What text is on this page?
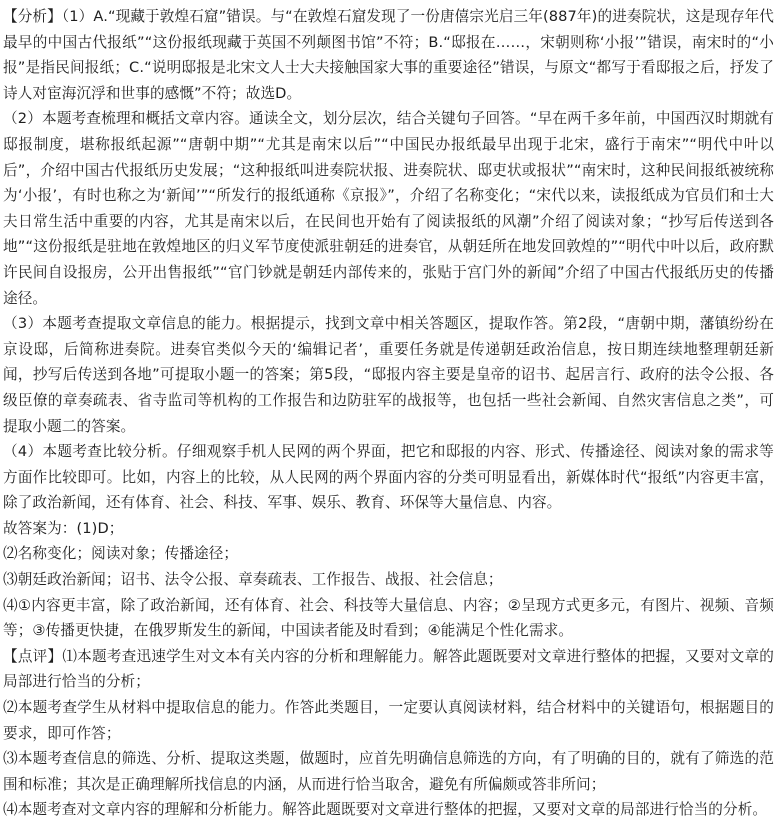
【分析】（1）A.“现藏于敦煌石窟”错误。与“在敦煌石窟发现了一份唐僖宗光启三年(887年)的进奏院状，这是现存年代最早的中国古代报纸”“这份报纸现藏于英国不列颠图书馆”不符；B.“邸报在……，宋朝则称‘小报’”错误，南宋时的“小报”是指民间报纸；C.“说明邸报是北宋文人士大夫接触国家大事的重要途径”错误，与原文“都写于看邸报之后，抒发了诗人对宦海沉浮和世事的感慨”不符；故选D。

（2）本题考查梳理和概括文章内容。通读全文，划分层次，结合关键句子回答。“早在两千多年前，中国西汉时期就有邸报制度，堪称报纸起源”“唐朝中期”“尤其是南宋以后”“中国民办报纸最早出现于北宋，盛行于南宋”“明代中叶以后”，介绍中国古代报纸历史发展；“这种报纸叫进奏院状报、进奏院状、邸吏状或报状”“南宋时，这种民间报纸被统称为‘小报’，有时也称之为‘新闻’”“所发行的报纸通称《京报》”，介绍了名称变化；“宋代以来，读报纸成为官员们和士大夫日常生活中重要的内容，尤其是南宋以后，在民间也开始有了阅读报纸的风潮”介绍了阅读对象；“抄写后传送到各地”“这份报纸是驻地在敦煌地区的归义军节度使派驻朝廷的进奏官，从朝廷所在地发回敦煌的”“明代中叶以后，政府默许民间自设报房，公开出售报纸”“官门钞就是朝廷内部传来的，张贴于宫门外的新闻”介绍了中国古代报纸历史的传播途径。

（3）本题考查提取文章信息的能力。根据提示，找到文章中相关答题区，提取作答。第2段，“唐朝中期，藩镇纷纷在京设邸，后简称进奏院。进奏官类似今天的‘编辑记者’，重要任务就是传递朝廷政治信息，按日期连续地整理朝廷新闻，抄写后传送到各地”可提取小题一的答案；第5段，“邸报内容主要是皇帝的诏书、起居言行、政府的法令公报、各级臣僚的章奏疏表、省寺监司等机构的工作报告和边防驻军的战报等，也包括一些社会新闻、自然灾害信息之类”，可提取小题二的答案。

（4）本题考查比较分析。仔细观察手机人民网的两个界面，把它和邸报的内容、形式、传播途径、阅读对象的需求等方面作比较即可。比如，内容上的比较，从人民网的两个界面内容的分类可明显看出，新媒体时代“报纸”内容更丰富，除了政治新闻，还有体育、社会、科技、军事、娱乐、教育、环保等大量信息、内容。

故答案为：(1)D；

⑵名称变化；阅读对象；传播途径；

⑶朝廷政治新闻；诏书、法令公报、章奏疏表、工作报告、战报、社会信息；

⑷①内容更丰富，除了政治新闻，还有体育、社会、科技等大量信息、内容；②呈现方式更多元，有图片、视频、音频等；③传播更快捷，在俄罗斯发生的新闻，中国读者能及时看到；④能满足个性化需求。

【点评】⑴本题考查迅速学生对文本有关内容的分析和理解能力。解答此题既要对文章进行整体的把握，又要对文章的局部进行恰当的分析；

⑵本题考查学生从材料中提取信息的能力。作答此类题目，一定要认真阅读材料，结合材料中的关键语句，根据题目的要求，即可作答；

⑶本题考查信息的筛选、分析、提取这类题，做题时，应首先明确信息筛选的方向，有了明确的目的，就有了筛选的范围和标准；其次是正确理解所找信息的内涵，从而进行恰当取舍，避免有所偏颇或答非所问；

⑷本题考查对文章内容的理解和分析能力。解答此题既要对文章进行整体的把握，又要对文章的局部进行恰当的分析。
